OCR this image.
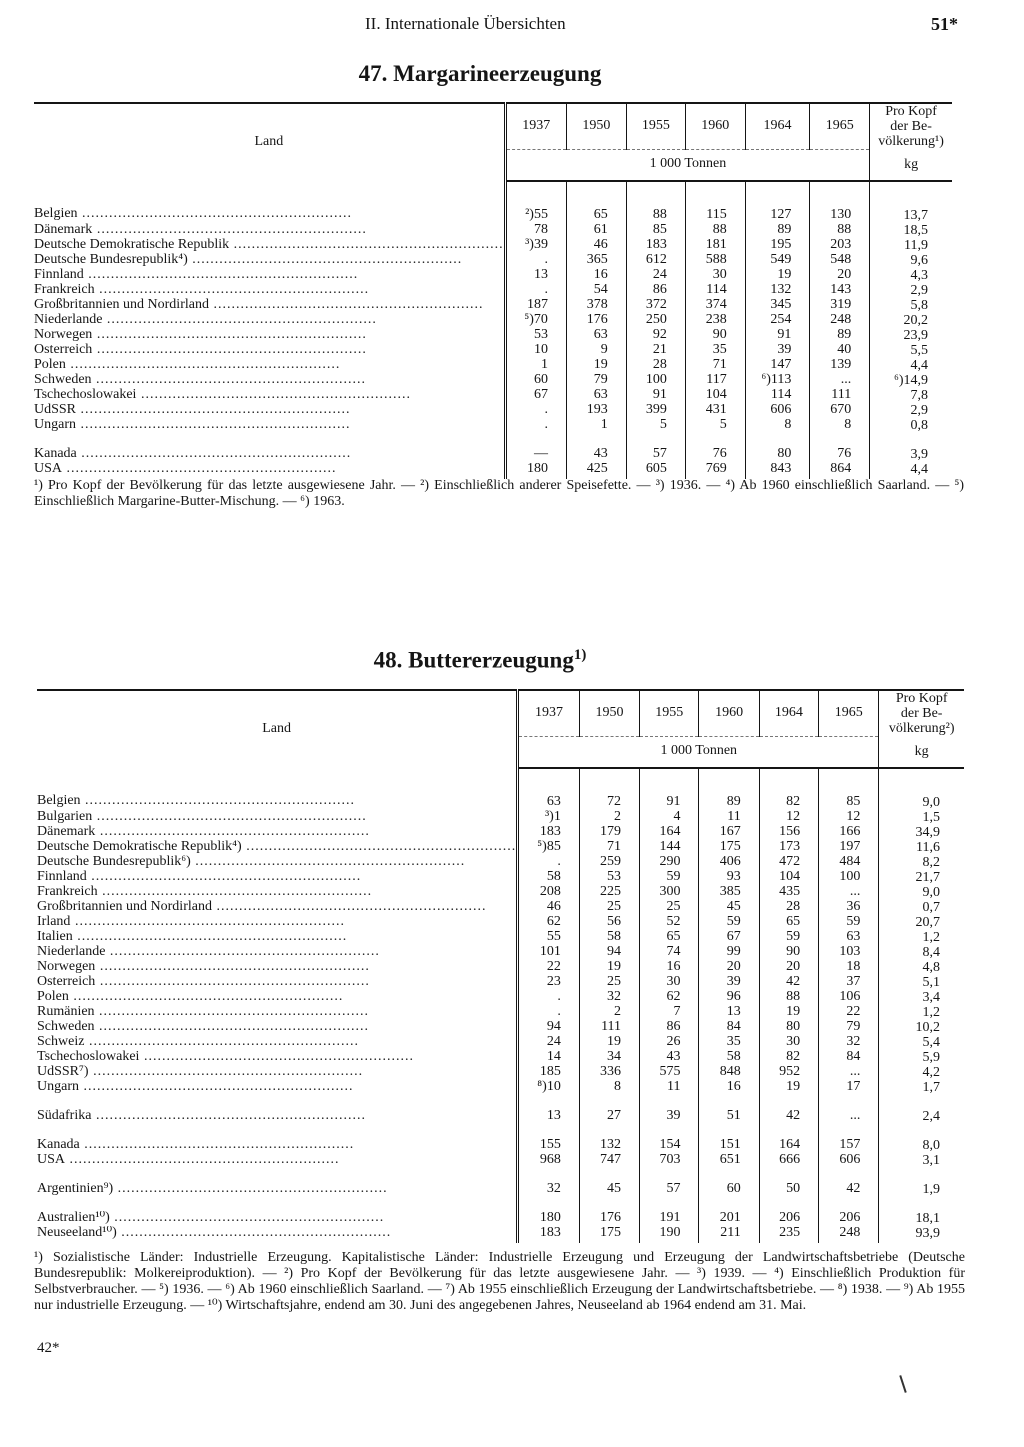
II. Internationale Übersichten	51*
47. Margarineerzeugung
Land	1937	1950	1955	1960	1964	1965	Pro Kopf der Be- völkerung¹)
	1 000 Tonnen						kg
Belgien ............................................................	²)55	65	88	115	127	130	13,7
Dänemark ............................................................	78	61	85	88	89	88	18,5
Deutsche Demokratische Republik ............................................................	³)39	46	183	181	195	203	11,9
Deutsche Bundesrepublik⁴) ............................................................	.	365	612	588	549	548	9,6
Finnland ............................................................	13	16	24	30	19	20	4,3
Frankreich ............................................................	.	54	86	114	132	143	2,9
Großbritannien und Nordirland ............................................................	187	378	372	374	345	319	5,8
Niederlande ............................................................	⁵)70	176	250	238	254	248	20,2
Norwegen ............................................................	53	63	92	90	91	89	23,9
Österreich ............................................................	10	9	21	35	39	40	5,5
Polen ............................................................	1	19	28	71	147	139	4,4
Schweden ............................................................	60	79	100	117	⁶)113	...	⁶)14,9
Tschechoslowakei ............................................................	67	63	91	104	114	111	7,8
UdSSR ............................................................	.	193	399	431	606	670	2,9
Ungarn ............................................................	.	1	5	5	8	8	0,8

Kanada ............................................................	—	43	57	76	80	76	3,9
USA ............................................................	180	425	605	769	843	864	4,4
¹) Pro Kopf der Bevölkerung für das letzte ausgewiesene Jahr. — ²) Einschließlich anderer Speisefette. — ³) 1936. — ⁴) Ab 1960 einschließlich Saarland. — ⁵) Einschließlich Margarine-Butter-Mischung. — ⁶) 1963.
48. Buttererzeugung$^{1)}$
Land	1937	1950	1955	1960	1964	1965	Pro Kopf der Be- völkerung²)
	1 000 Tonnen						kg
Belgien ............................................................	63	72	91	89	82	85	9,0
Bulgarien ............................................................	³)1	2	4	11	12	12	1,5
Dänemark ............................................................	183	179	164	167	156	166	34,9
Deutsche Demokratische Republik⁴) ............................................................	⁵)85	71	144	175	173	197	11,6
Deutsche Bundesrepublik⁶) ............................................................	.	259	290	406	472	484	8,2
Finnland ............................................................	58	53	59	93	104	100	21,7
Frankreich ............................................................	208	225	300	385	435	...	9,0
Großbritannien und Nordirland ............................................................	46	25	25	45	28	36	0,7
Irland ............................................................	62	56	52	59	65	59	20,7
Italien ............................................................	55	58	65	67	59	63	1,2
Niederlande ............................................................	101	94	74	99	90	103	8,4
Norwegen ............................................................	22	19	16	20	20	18	4,8
Österreich ............................................................	23	25	30	39	42	37	5,1
Polen ............................................................	.	32	62	96	88	106	3,4
Rumänien ............................................................	.	2	7	13	19	22	1,2
Schweden ............................................................	94	111	86	84	80	79	10,2
Schweiz ............................................................	24	19	26	35	30	32	5,4
Tschechoslowakei ............................................................	14	34	43	58	82	84	5,9
UdSSR⁷) ............................................................	185	336	575	848	952	...	4,2
Ungarn ............................................................	⁸)10	8	11	16	19	17	1,7

Südafrika ............................................................	13	27	39	51	42	...	2,4

Kanada ............................................................	155	132	154	151	164	157	8,0
USA ............................................................	968	747	703	651	666	606	3,1

Argentinien⁹) ............................................................	32	45	57	60	50	42	1,9

Australien¹⁰) ............................................................	180	176	191	201	206	206	18,1
Neuseeland¹⁰) ............................................................	183	175	190	211	235	248	93,9
¹) Sozialistische Länder: Industrielle Erzeugung. Kapitalistische Länder: Industrielle Erzeugung und Erzeugung der Landwirtschaftsbetriebe (Deutsche Bundesrepublik: Molkereiproduktion). — ²) Pro Kopf der Bevölkerung für das letzte ausgewiesene Jahr. — ³) 1939. — ⁴) Einschließlich Produktion für Selbstverbraucher. — ⁵) 1936. — ⁶) Ab 1960 einschließlich Saarland. — ⁷) Ab 1955 einschließlich Erzeugung der Landwirtschaftsbetriebe. — ⁸) 1938. — ⁹) Ab 1955 nur industrielle Erzeugung. — ¹⁰) Wirtschaftsjahre, endend am 30. Juni des angegebenen Jahres, Neuseeland ab 1964 endend am 31. Mai.
42*
